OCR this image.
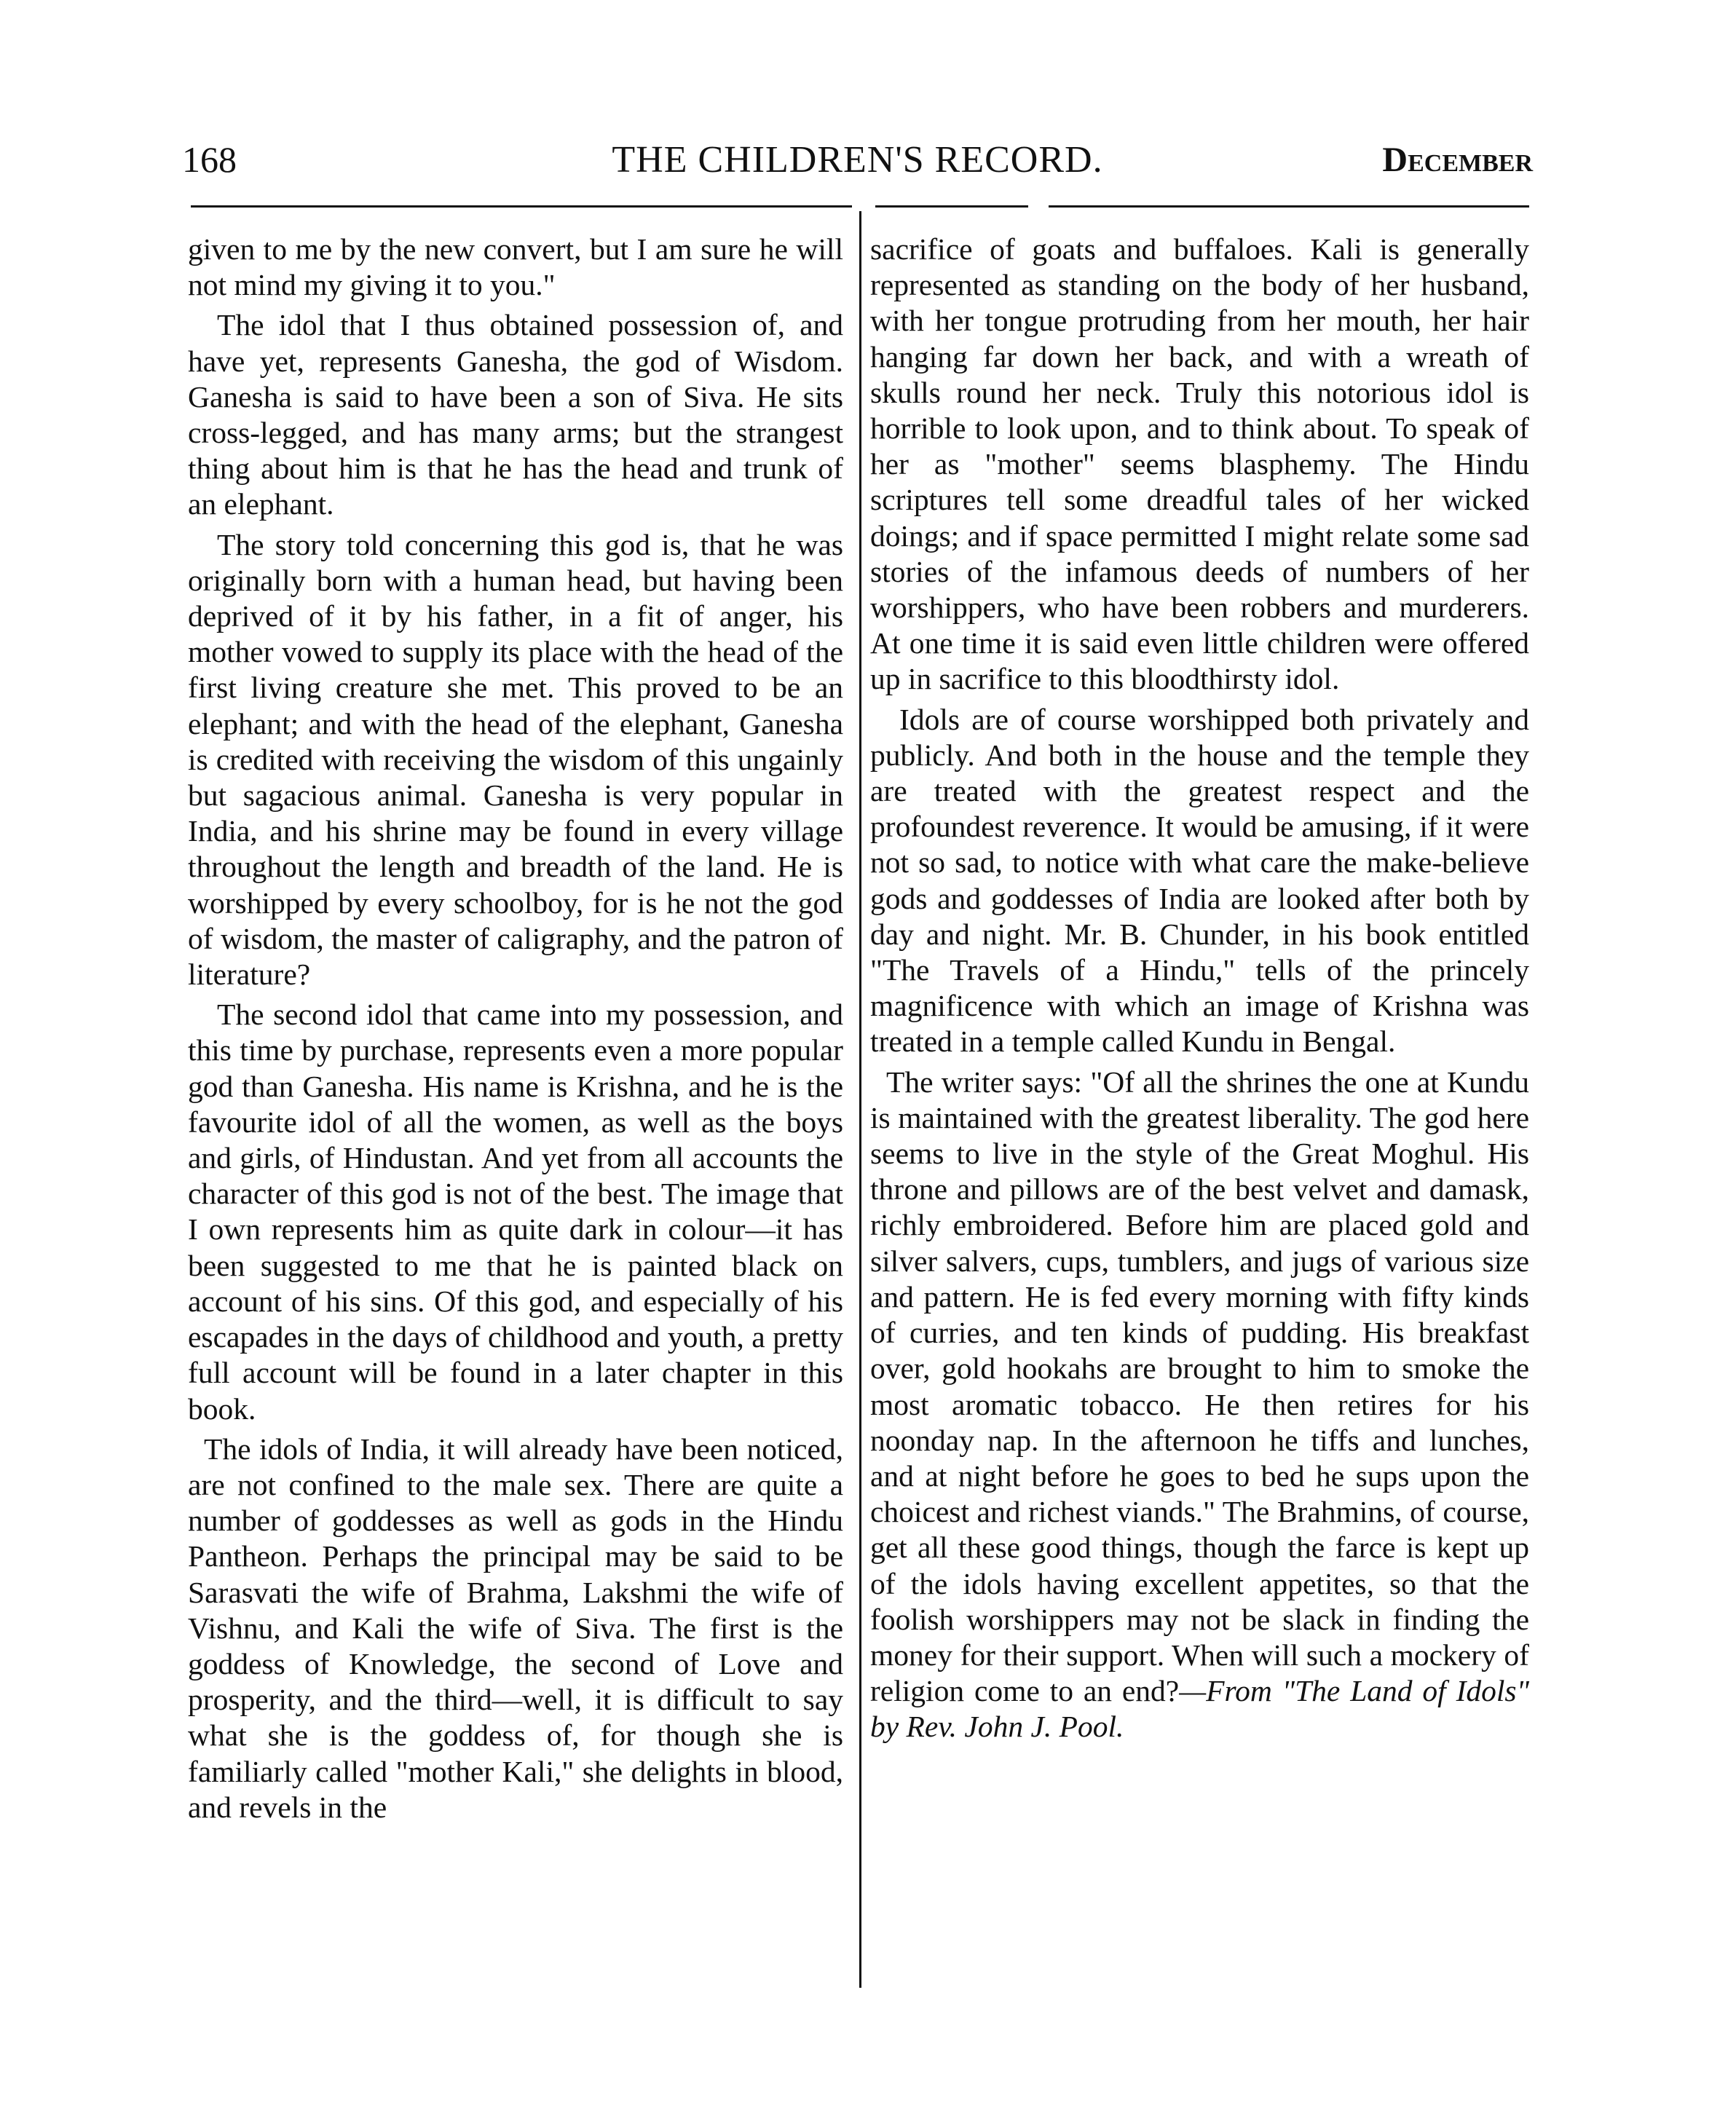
168	THE CHILDREN'S RECORD.	December

given to me by the new convert, but I am sure he will not mind my giving it to you."

The idol that I thus obtained possession of, and have yet, represents Ganesha, the god of Wisdom. Ganesha is said to have been a son of Siva. He sits cross-legged, and has many arms; but the strangest thing about him is that he has the head and trunk of an elephant.

The story told concerning this god is, that he was originally born with a human head, but having been deprived of it by his father, in a fit of anger, his mother vowed to supply its place with the head of the first living creature she met. This proved to be an elephant; and with the head of the elephant, Ganesha is credited with receiving the wisdom of this ungainly but sagacious animal. Ganesha is very popular in India, and his shrine may be found in every village throughout the length and breadth of the land. He is worshipped by every schoolboy, for is he not the god of wisdom, the master of caligraphy, and the patron of literature?

The second idol that came into my possession, and this time by purchase, represents even a more popular god than Ganesha. His name is Krishna, and he is the favourite idol of all the women, as well as the boys and girls, of Hindustan. And yet from all accounts the character of this god is not of the best. The image that I own represents him as quite dark in colour—it has been suggested to me that he is painted black on account of his sins. Of this god, and especially of his escapades in the days of childhood and youth, a pretty full account will be found in a later chapter in this book.

The idols of India, it will already have been noticed, are not confined to the male sex. There are quite a number of goddesses as well as gods in the Hindu Pantheon. Perhaps the principal may be said to be Sarasvati the wife of Brahma, Lakshmi the wife of Vishnu, and Kali the wife of Siva. The first is the goddess of Knowledge, the second of Love and prosperity, and the third—well, it is difficult to say what she is the goddess of, for though she is familiarly called "mother Kali," she delights in blood, and revels in the

sacrifice of goats and buffaloes. Kali is generally represented as standing on the body of her husband, with her tongue protruding from her mouth, her hair hanging far down her back, and with a wreath of skulls round her neck. Truly this notorious idol is horrible to look upon, and to think about. To speak of her as "mother" seems blasphemy. The Hindu scriptures tell some dreadful tales of her wicked doings; and if space permitted I might relate some sad stories of the infamous deeds of numbers of her worshippers, who have been robbers and murderers. At one time it is said even little children were offered up in sacrifice to this bloodthirsty idol.

Idols are of course worshipped both privately and publicly. And both in the house and the temple they are treated with the greatest respect and the profoundest reverence. It would be amusing, if it were not so sad, to notice with what care the make-believe gods and goddesses of India are looked after both by day and night. Mr. B. Chunder, in his book entitled "The Travels of a Hindu," tells of the princely magnificence with which an image of Krishna was treated in a temple called Kundu in Bengal.

The writer says: "Of all the shrines the one at Kundu is maintained with the greatest liberality. The god here seems to live in the style of the Great Moghul. His throne and pillows are of the best velvet and damask, richly embroidered. Before him are placed gold and silver salvers, cups, tumblers, and jugs of various size and pattern. He is fed every morning with fifty kinds of curries, and ten kinds of pudding. His breakfast over, gold hookahs are brought to him to smoke the most aromatic tobacco. He then retires for his noonday nap. In the afternoon he tiffs and lunches, and at night before he goes to bed he sups upon the choicest and richest viands." The Brahmins, of course, get all these good things, though the farce is kept up of the idols having excellent appetites, so that the foolish worshippers may not be slack in finding the money for their support. When will such a mockery of religion come to an end?—From "The Land of Idols" by Rev. John J. Pool.
